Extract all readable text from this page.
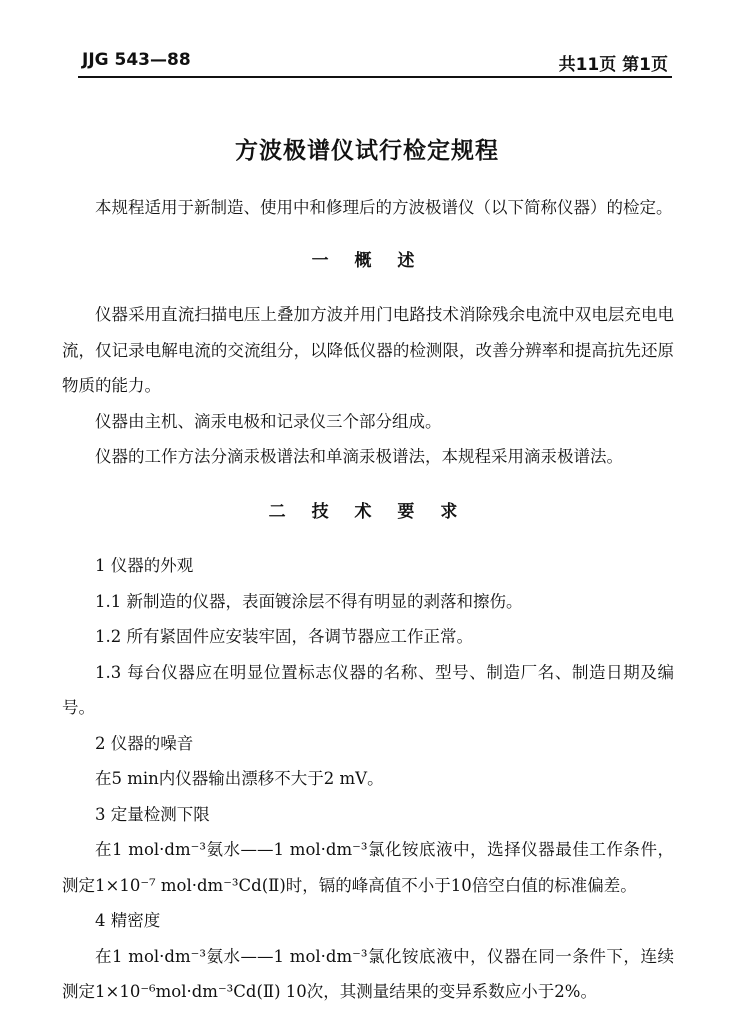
JJG 543—88	共11页 第1页
方波极谱仪试行检定规程

本规程适用于新制造、使用中和修理后的方波极谱仪（以下简称仪器）的检定。

一 概 述

仪器采用直流扫描电压上叠加方波并用门电路技术消除残余电流中双电层充电电流，仅记录电解电流的交流组分，以降低仪器的检测限，改善分辨率和提高抗先还原物质的能力。

仪器由主机、滴汞电极和记录仪三个部分组成。

仪器的工作方法分滴汞极谱法和单滴汞极谱法，本规程采用滴汞极谱法。

二 技 术 要 求

1 仪器的外观

1.1 新制造的仪器，表面镀涂层不得有明显的剥落和擦伤。

1.2 所有紧固件应安装牢固，各调节器应工作正常。

1.3 每台仪器应在明显位置标志仪器的名称、型号、制造厂名、制造日期及编号。

2 仪器的噪音

在5 min内仪器输出漂移不大于2 mV。

3 定量检测下限

在1 mol·dm⁻³氨水——1 mol·dm⁻³氯化铵底液中，选择仪器最佳工作条件，测定1×10⁻⁷ mol·dm⁻³Cd(Ⅱ)时，镉的峰高值不小于10倍空白值的标准偏差。

4 精密度

在1 mol·dm⁻³氨水——1 mol·dm⁻³氯化铵底液中，仪器在同一条件下，连续测定1×10⁻⁶mol·dm⁻³Cd(Ⅱ) 10次，其测量结果的变异系数应小于2%。
